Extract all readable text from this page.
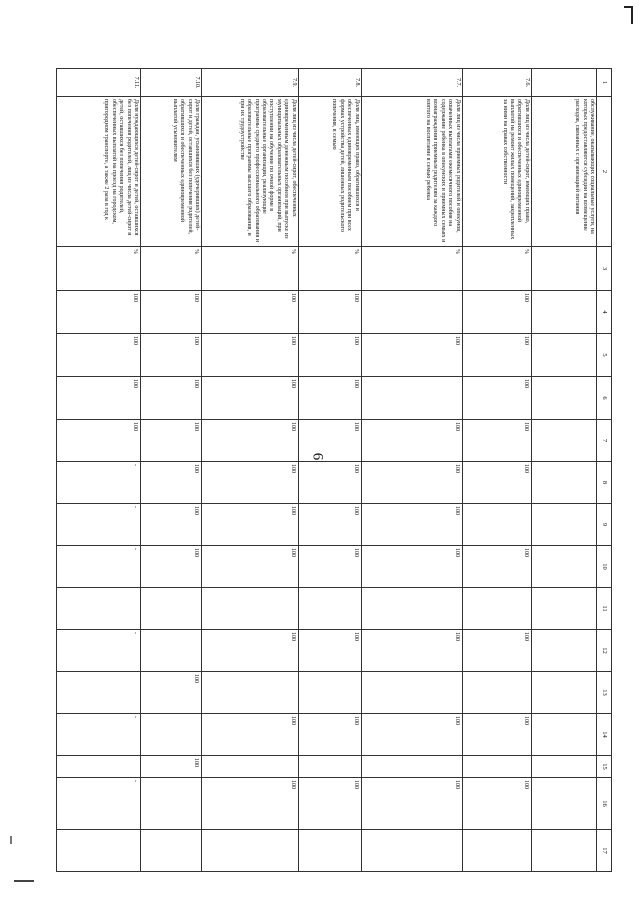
6
1	2	3	4	5	6	7	8	9	10	11	12	13	14	15	16	17
	обслуживание, оказывающих социальные услуги, на которых предоставляются субсидии на возмещение расходов, связанных с организацией питания															
7.6.	Доля лиц из числа детей-сирот, имеющих право, обратившихся и обеспеченных единовременной выплатой на ремонт жилых помещений, закрепленных за ними на правах собственности	%	100	100	100	100	100		100		100		100		100	
7.7.	Доля лиц из числа приемных родителей и опекунов, охваченных выплатами ежемесячного пособия на содержание ребенка в опекунских и приемных семьях и вознаграждения приемным родителям за каждого взятого на воспитание в семью ребенка	%		100		100	100	100	100		100		100		100	
7.8.	Доля лиц, имеющих право, обратившихся и обеспеченных единовременным пособием при всех формах устройства детей, лишенных родительского попечения, в семью	%	100	100	100	100	100	100	100		100		100		100	
7.9.	Доля лиц из числа детей-сирот, обеспеченных единовременным денежным пособием при выпуске из муниципальных образовательных организаций, при поступлении на обучение по очной форме в образовательные организации, реализующие программы среднего профессионального образования и образовательные программы высшего образования, и при их трудоустройстве	%	100	100	100	100	100	100	100		100		100		100	
7.10.	Доля граждан, усыновивших (удочеривших) детей-сирот и детей, оставшихся без попечения родителей, обратившихся и обеспеченных единовременной выплатой усыновителям	%	100	100	100	100	100	100	100			100		100		
7.11.	Доля нуждающихся детей-сирот и детей, оставшихся без попечения родителей, лиц из числа детей-сирот и детей, оставшихся без попечения родителей, обеспеченных выплатой на проезд на городском, пригородном транспорте, а также 2 раза в год к	%	100	100	100	100	-	-	-		-		-		-	
